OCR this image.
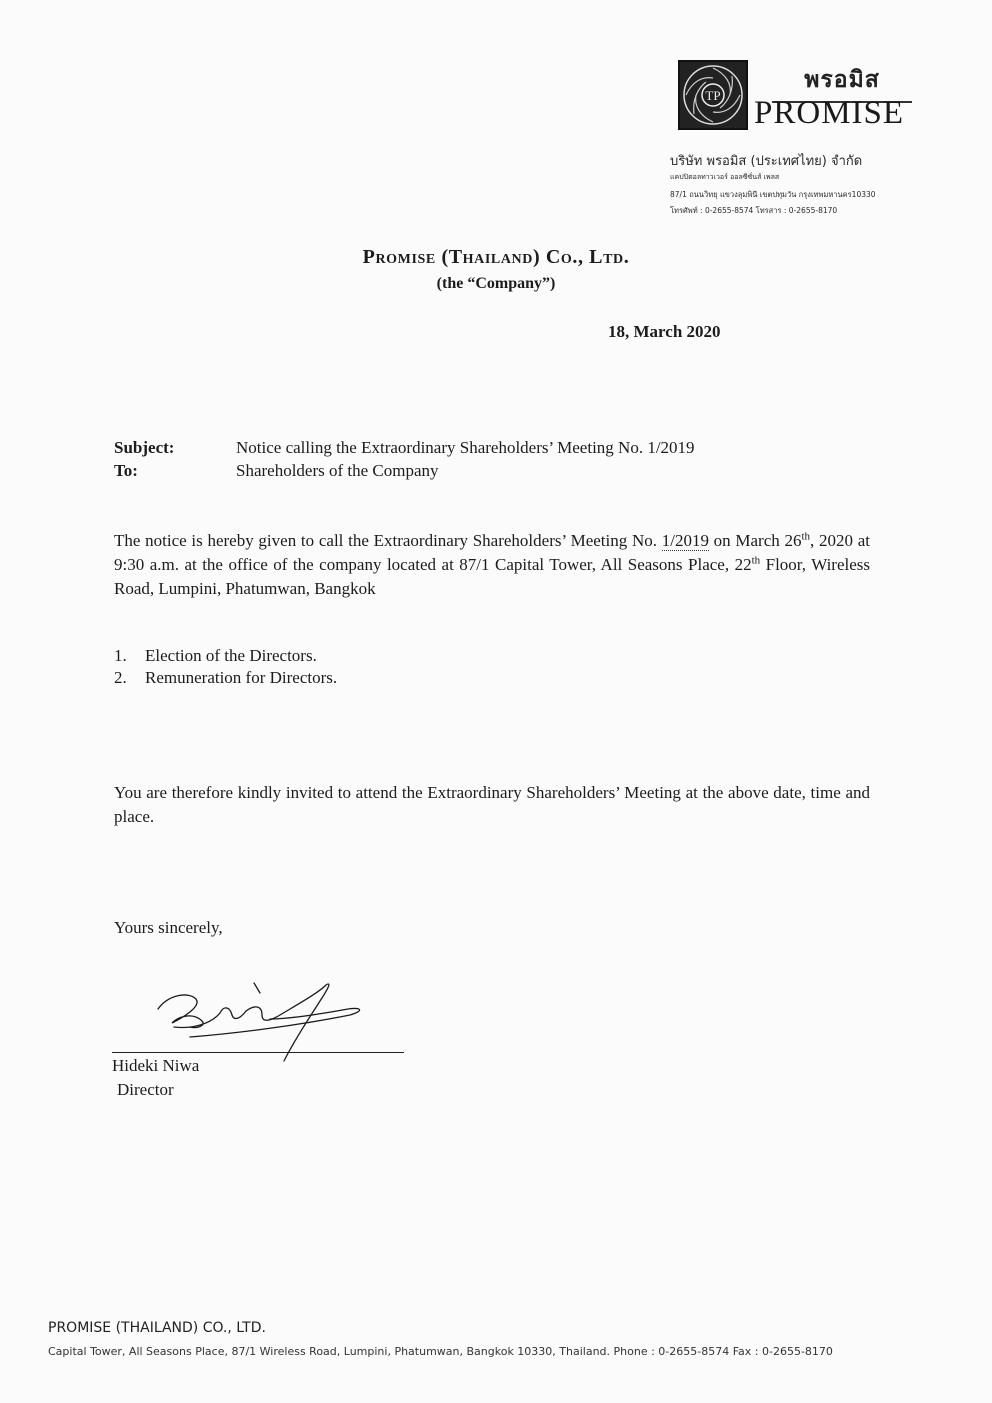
TP
พรอมิส
PROMISE
บริษัท พรอมิส (ประเทศไทย) จำกัด
แคปปิตอลทาวเวอร์ ออลซีซั่นส์ เพลส
87/1 ถนนวิทยุ แขวงลุมพินี เขตปทุมวัน กรุงเทพมหานคร10330
โทรศัพท์ : 0-2655-8574 โทรสาร : 0-2655-8170
Promise (Thailand) Co., Ltd.
(the “Company”)
18, March 2020
Subject:	Notice calling the Extraordinary Shareholders’ Meeting No. 1/2019
To:	Shareholders of the Company
The notice is hereby given to call the Extraordinary Shareholders’ Meeting No. 1/2019 on March 26th, 2020 at 9:30 a.m. at the office of the company located at 87/1 Capital Tower, All Seasons Place, 22th Floor, Wireless Road, Lumpini, Phatumwan, Bangkok
1.	Election of the Directors.
2.	Remuneration for Directors.
You are therefore kindly invited to attend the Extraordinary Shareholders’ Meeting at the above date, time and place.
Yours sincerely,
Hideki Niwa
Director
PROMISE (THAILAND) CO., LTD.
Capital Tower, All Seasons Place, 87/1 Wireless Road, Lumpini, Phatumwan, Bangkok 10330, Thailand. Phone : 0-2655-8574 Fax : 0-2655-8170
